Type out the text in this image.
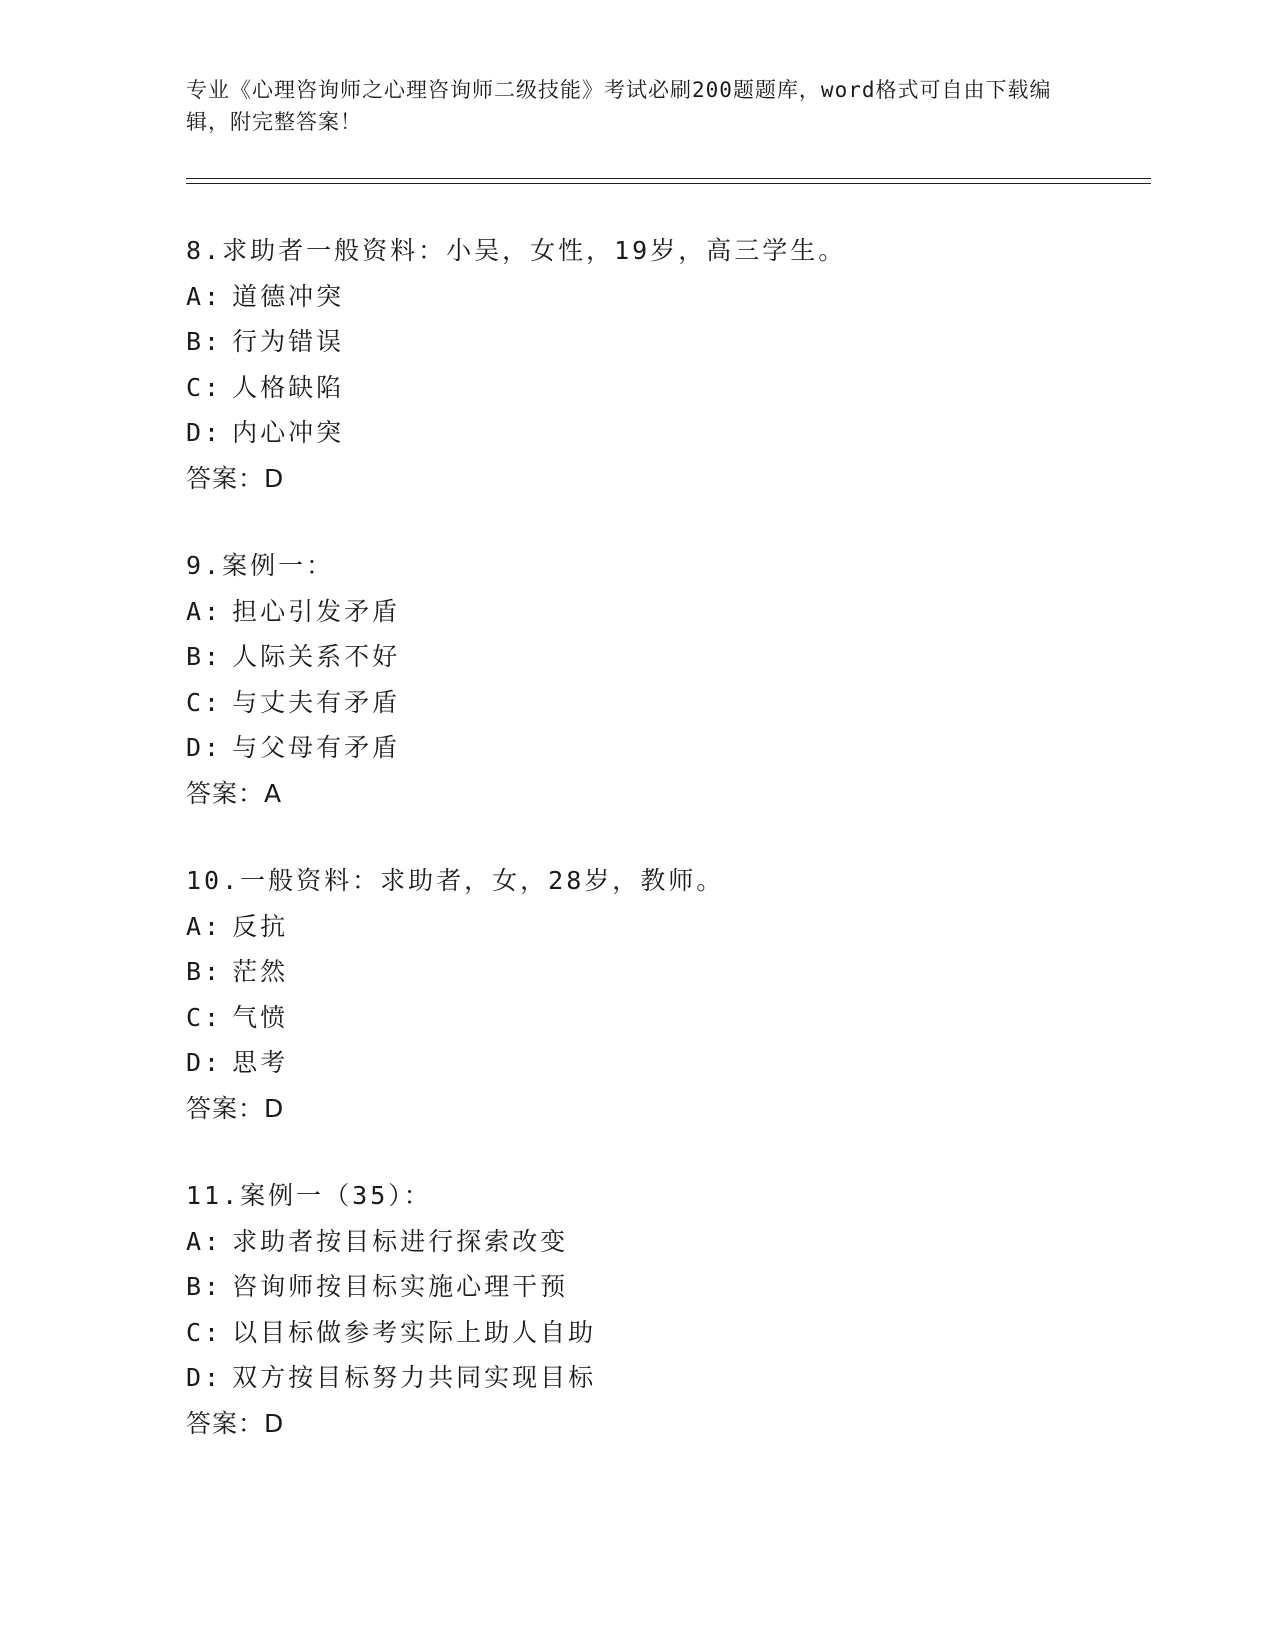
专业《心理咨询师之心理咨询师二级技能》考试必刷200题题库，word格式可自由下载编辑，附完整答案！
8.求助者一般资料：小吴，女性，19岁，高三学生。
A: 道德冲突
B: 行为错误
C: 人格缺陷
D: 内心冲突
答案：D
9.案例一：
A: 担心引发矛盾
B: 人际关系不好
C: 与丈夫有矛盾
D: 与父母有矛盾
答案：A
10.一般资料：求助者，女，28岁，教师。
A: 反抗
B: 茫然
C: 气愤
D: 思考
答案：D
11.案例一（35）：
A: 求助者按目标进行探索改变
B: 咨询师按目标实施心理干预
C: 以目标做参考实际上助人自助
D: 双方按目标努力共同实现目标
答案：D
